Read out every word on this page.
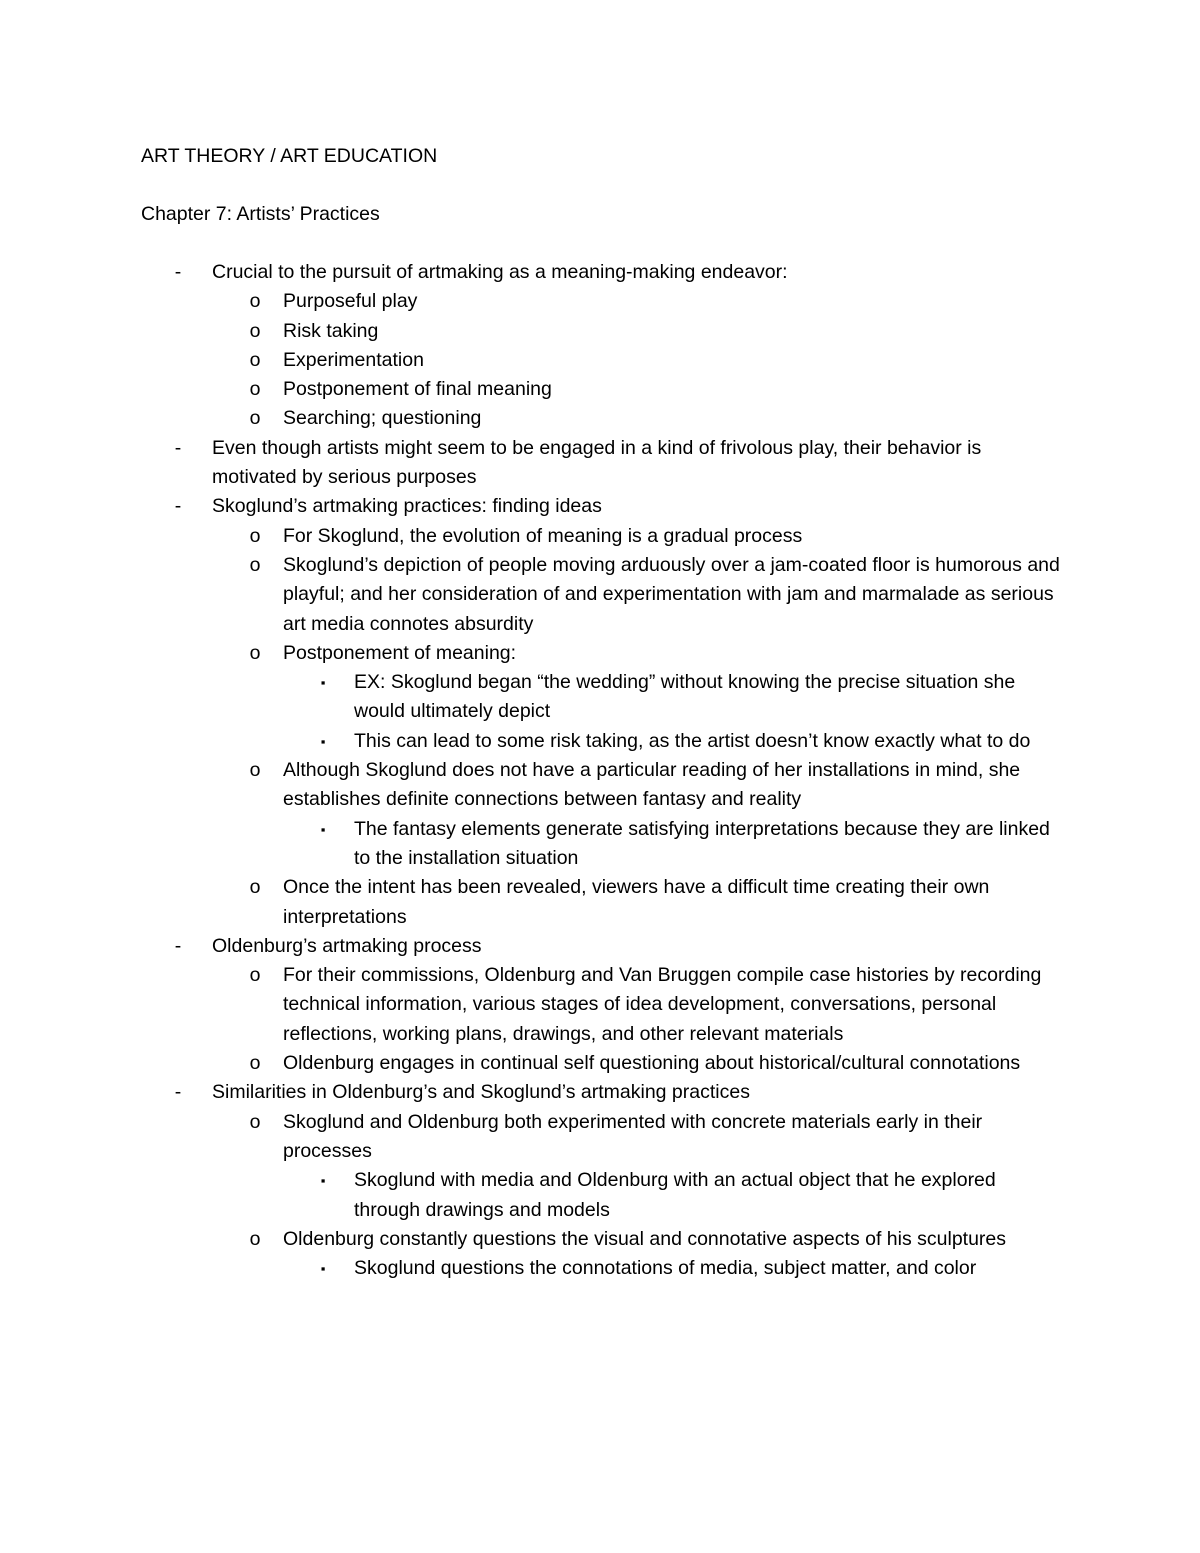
ART THEORY / ART EDUCATION
Chapter 7: Artists’ Practices
-	Crucial to the pursuit of artmaking as a meaning-making endeavor:
o Purposeful play
o Risk taking
o Experimentation
o Postponement of final meaning
o Searching; questioning
-	Even though artists might seem to be engaged in a kind of frivolous play, their behavior is motivated by serious purposes
-	Skoglund’s artmaking practices: finding ideas
o For Skoglund, the evolution of meaning is a gradual process
o Skoglund’s depiction of people moving arduously over a jam-coated floor is humorous and playful; and her consideration of and experimentation with jam and marmalade as serious art media connotes absurdity
o Postponement of meaning:
▪	EX: Skoglund began “the wedding” without knowing the precise situation she would ultimately depict
▪	This can lead to some risk taking, as the artist doesn’t know exactly what to do
o Although Skoglund does not have a particular reading of her installations in mind, she establishes definite connections between fantasy and reality
▪	The fantasy elements generate satisfying interpretations because they are linked to the installation situation
o Once the intent has been revealed, viewers have a difficult time creating their own interpretations
-	Oldenburg’s artmaking process
o For their commissions, Oldenburg and Van Bruggen compile case histories by recording technical information, various stages of idea development, conversations, personal reflections, working plans, drawings, and other relevant materials
o Oldenburg engages in continual self questioning about historical/cultural connotations
-	Similarities in Oldenburg’s and Skoglund’s artmaking practices
o Skoglund and Oldenburg both experimented with concrete materials early in their processes
▪	Skoglund with media and Oldenburg with an actual object that he explored through drawings and models
o Oldenburg constantly questions the visual and connotative aspects of his sculptures
▪	Skoglund questions the connotations of media, subject matter, and color
